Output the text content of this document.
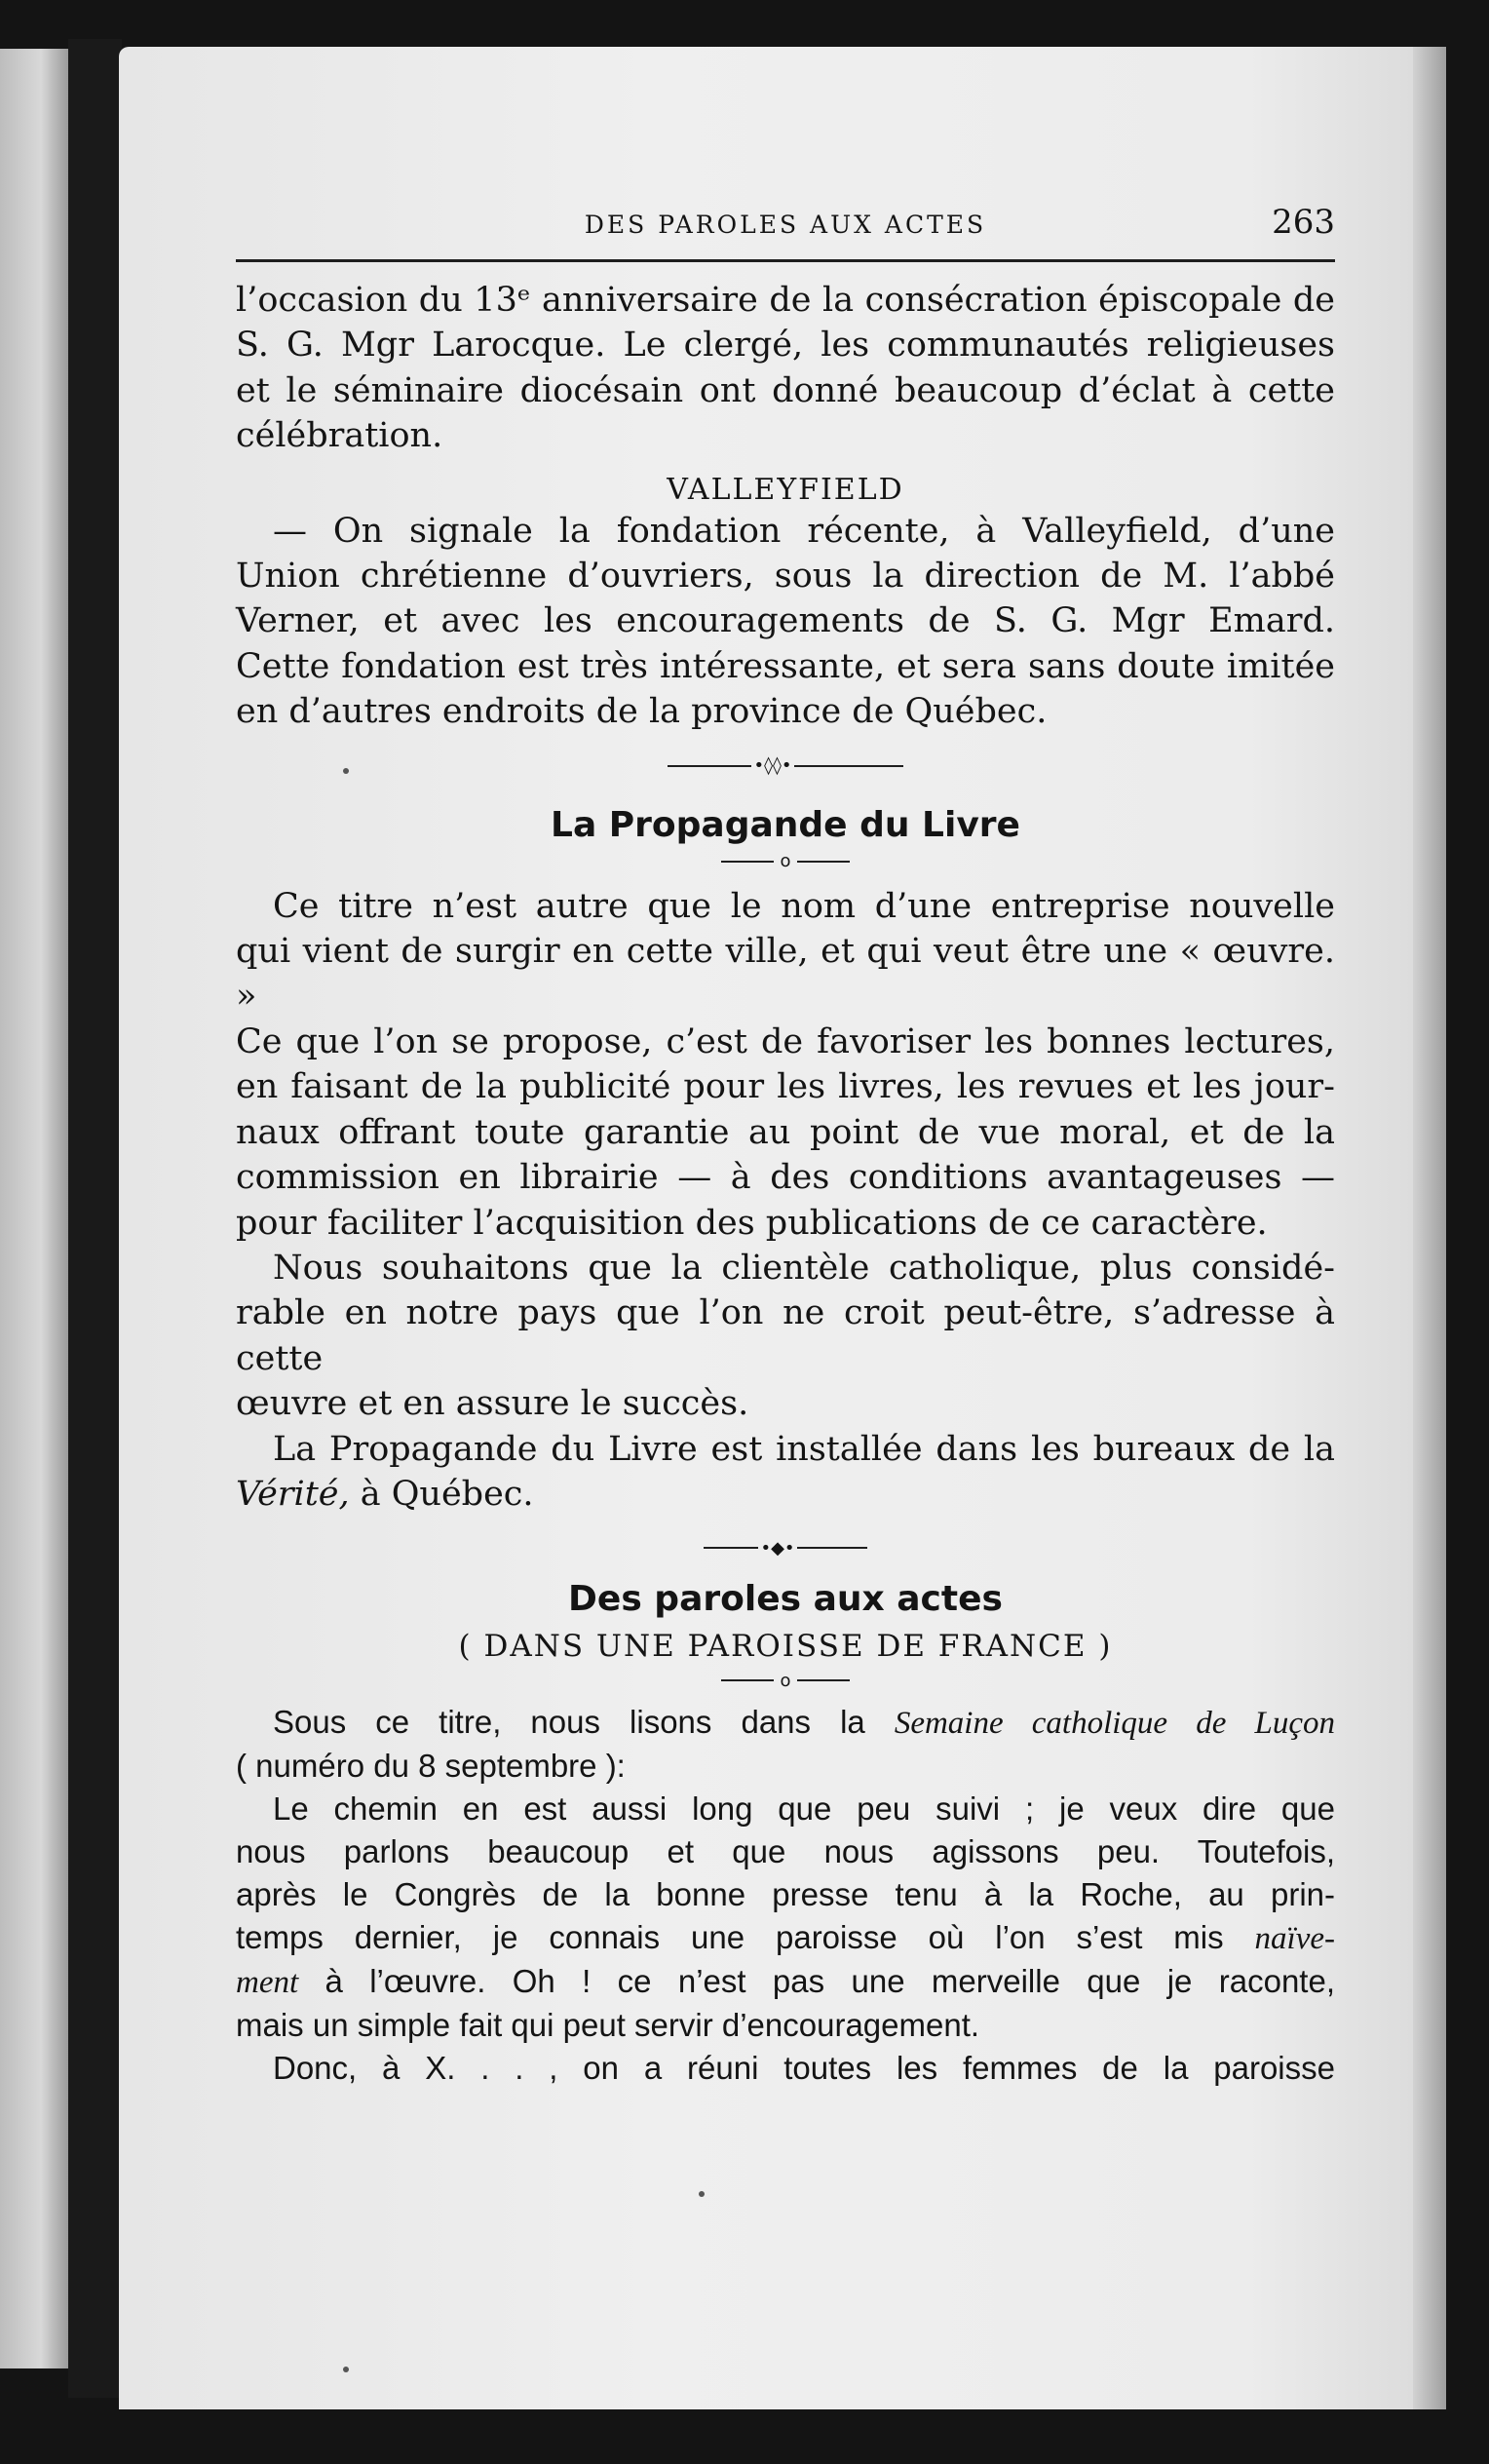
DES PAROLES AUX ACTES	263

l’occasion du 13ᵉ anniversaire de la consécration épiscopale de

S. G. Mgr Larocque. Le clergé, les communautés religieuses

et le séminaire diocésain ont donné beaucoup d’éclat à cette

célébration.

VALLEYFIELD

— On signale la fondation récente, à Valleyfield, d’une

Union chrétienne d’ouvriers, sous la direction de M. l’abbé

Verner, et avec les encouragements de S. G. Mgr Emard.

Cette fondation est très intéressante, et sera sans doute imitée

en d’autres endroits de la province de Québec.

•◊◊•
La Propagande du Livre
o

Ce titre n’est autre que le nom d’une entreprise nouvelle

qui vient de surgir en cette ville, et qui veut être une « œuvre. »

Ce que l’on se propose, c’est de favoriser les bonnes lectures,

en faisant de la publicité pour les livres, les revues et les jour-

naux offrant toute garantie au point de vue moral, et de la

commission en librairie — à des conditions avantageuses —

pour faciliter l’acquisition des publications de ce caractère.

Nous souhaitons que la clientèle catholique, plus considé-

rable en notre pays que l’on ne croit peut-être, s’adresse à cette

œuvre et en assure le succès.

La Propagande du Livre est installée dans les bureaux de la

Vérité, à Québec.

•◆•
Des paroles aux actes
( DANS UNE PAROISSE DE FRANCE )
o

Sous ce titre, nous lisons dans la Semaine catholique de Luçon

( numéro du 8 septembre ):

Le chemin en est aussi long que peu suivi ; je veux dire que

nous parlons beaucoup et que nous agissons peu. Toutefois,

après le Congrès de la bonne presse tenu à la Roche, au prin-

temps dernier, je connais une paroisse où l’on s’est mis naïve-

ment à l’œuvre. Oh ! ce n’est pas une merveille que je raconte,

mais un simple fait qui peut servir d’encouragement.

Donc, à X. . . , on a réuni toutes les femmes de la paroisse
